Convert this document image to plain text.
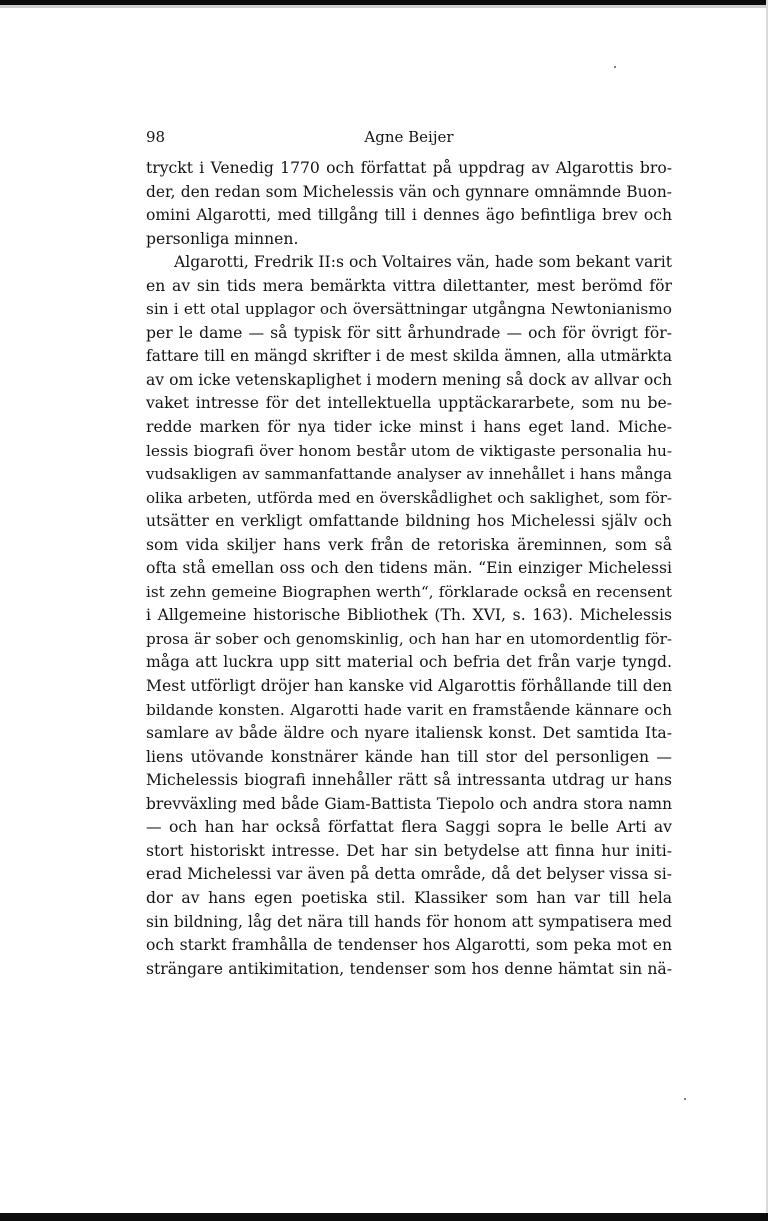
98	Agne Beijer
tryckt i Venedig 1770 och författat på uppdrag av Algarottis bro-
der, den redan som Michelessis vän och gynnare omnämnde Buon-
omini Algarotti, med tillgång till i dennes ägo befintliga brev och
personliga minnen.
Algarotti, Fredrik II:s och Voltaires vän, hade som bekant varit
en av sin tids mera bemärkta vittra dilettanter, mest berömd för
sin i ett otal upplagor och översättningar utgångna Newtonianismo
per le dame — så typisk för sitt århundrade — och för övrigt för-
fattare till en mängd skrifter i de mest skilda ämnen, alla utmärkta
av om icke vetenskaplighet i modern mening så dock av allvar och
vaket intresse för det intellektuella upptäckararbete, som nu be-
redde marken för nya tider icke minst i hans eget land. Miche-
lessis biografi över honom består utom de viktigaste personalia hu-
vudsakligen av sammanfattande analyser av innehållet i hans många
olika arbeten, utförda med en överskådlighet och saklighet, som för-
utsätter en verkligt omfattande bildning hos Michelessi själv och
som vida skiljer hans verk från de retoriska äreminnen, som så
ofta stå emellan oss och den tidens män. “Ein einziger Michelessi
ist zehn gemeine Biographen werth“, förklarade också en recensent
i Allgemeine historische Bibliothek (Th. XVI, s. 163). Michelessis
prosa är sober och genomskinlig, och han har en utomordentlig för-
måga att luckra upp sitt material och befria det från varje tyngd.
Mest utförligt dröjer han kanske vid Algarottis förhållande till den
bildande konsten. Algarotti hade varit en framstående kännare och
samlare av både äldre och nyare italiensk konst. Det samtida Ita-
liens utövande konstnärer kände han till stor del personligen —
Michelessis biografi innehåller rätt så intressanta utdrag ur hans
brevväxling med både Giam-Battista Tiepolo och andra stora namn
— och han har också författat flera Saggi sopra le belle Arti av
stort historiskt intresse. Det har sin betydelse att finna hur initi-
erad Michelessi var även på detta område, då det belyser vissa si-
dor av hans egen poetiska stil. Klassiker som han var till hela
sin bildning, låg det nära till hands för honom att sympatisera med
och starkt framhålla de tendenser hos Algarotti, som peka mot en
strängare antikimitation, tendenser som hos denne hämtat sin nä-
